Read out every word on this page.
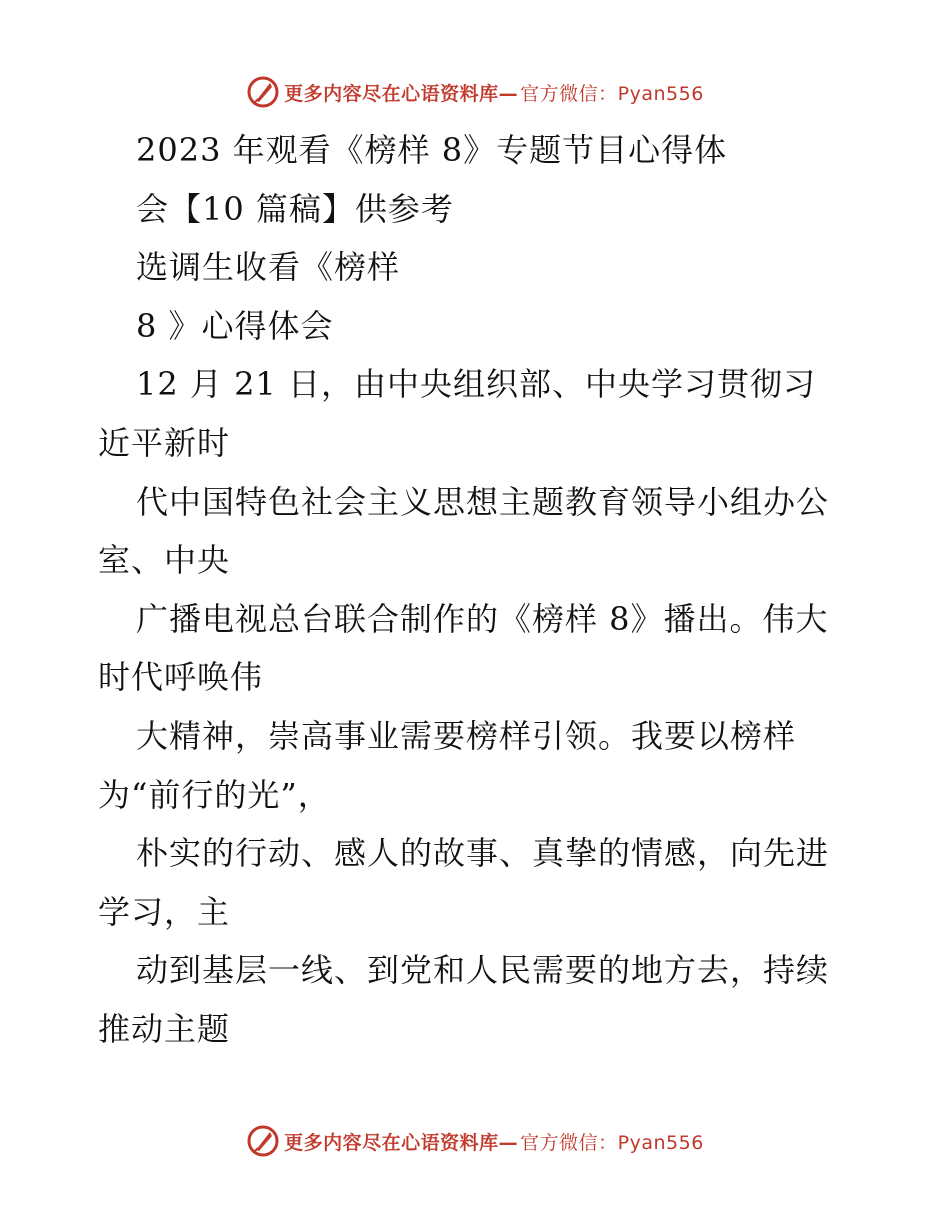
更多内容尽在心语资料库— 官方微信：Pyan556
2023 年观看《榜样 8》专题节目心得体
会【10 篇稿】供参考
选调生收看《榜样
8 》心得体会
12 月 21 日，由中央组织部、中央学习贯彻习
近平新时
代中国特色社会主义思想主题教育领导小组办公
室、中央
广播电视总台联合制作的《榜样 8》播出。伟大
时代呼唤伟
大精神，崇高事业需要榜样引领。我要以榜样
为“前行的光”，
朴实的行动、感人的故事、真挚的情感，向先进
学习，主
动到基层一线、到党和人民需要的地方去，持续
推动主题
更多内容尽在心语资料库— 官方微信：Pyan556
